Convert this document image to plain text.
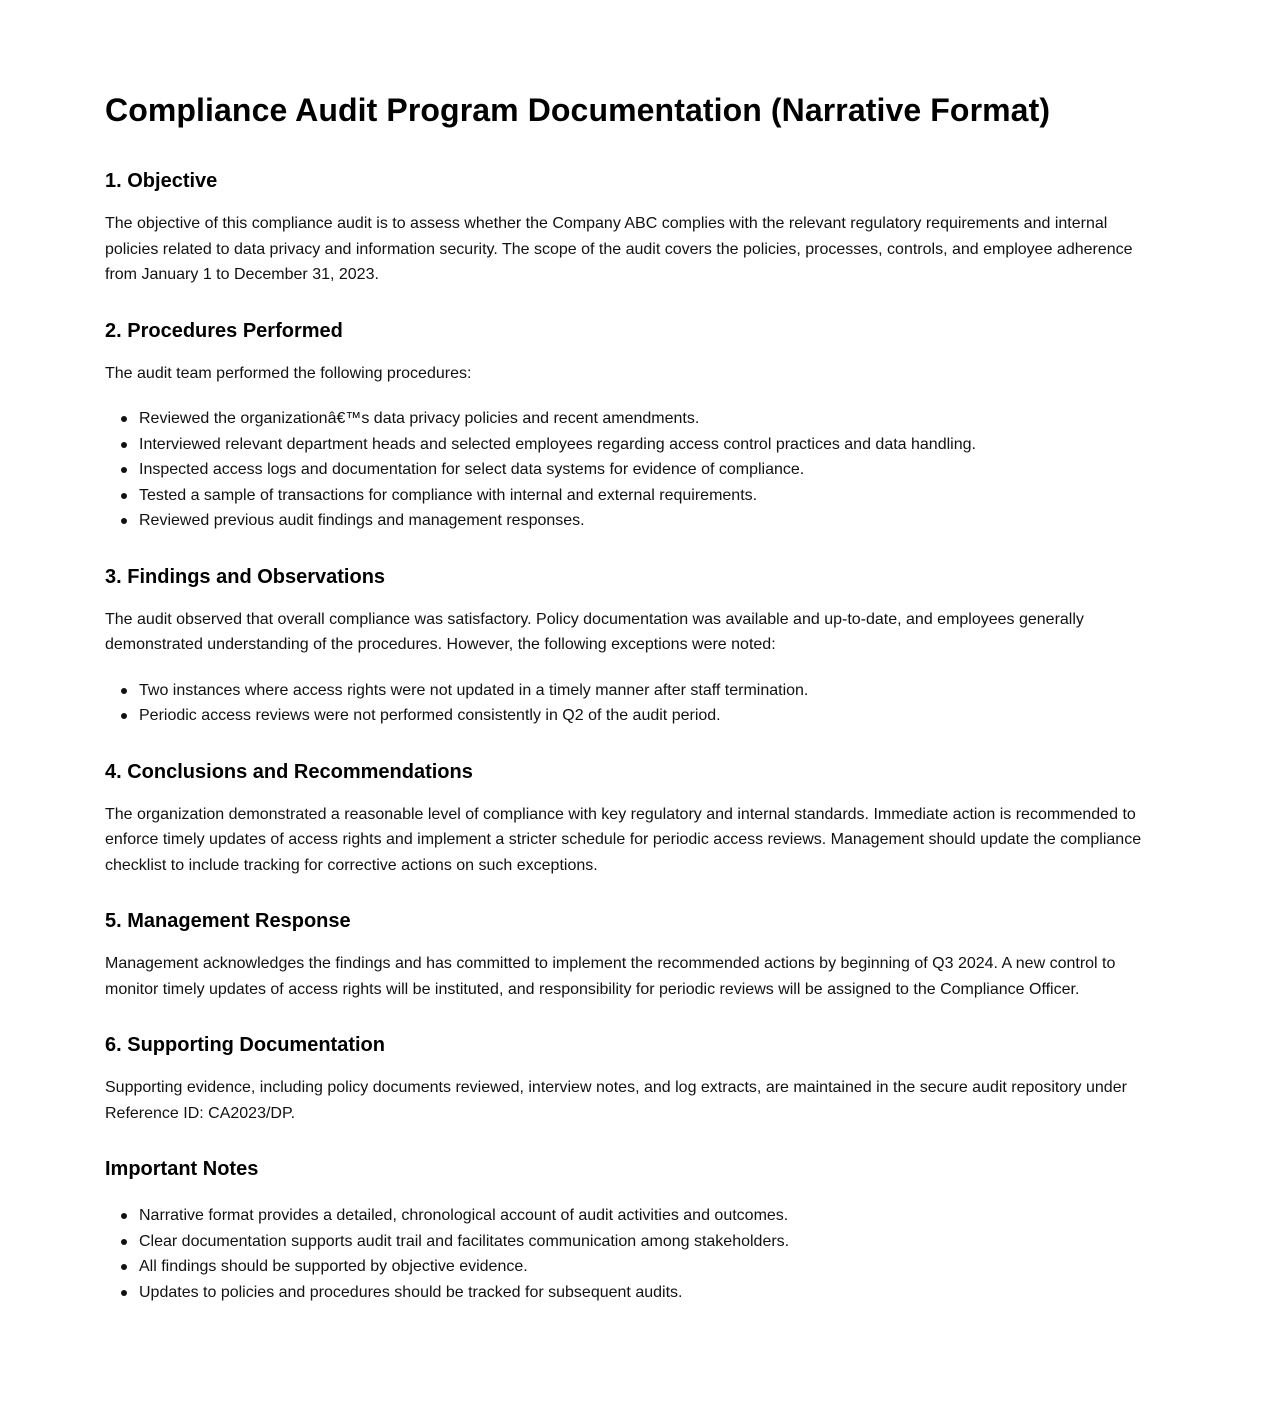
Compliance Audit Program Documentation (Narrative Format)
1. Objective

The objective of this compliance audit is to assess whether the Company ABC complies with the relevant regulatory requirements and internal policies related to data privacy and information security. The scope of the audit covers the policies, processes, controls, and employee adherence from January 1 to December 31, 2023.

2. Procedures Performed

The audit team performed the following procedures:

Reviewed the organizationâ€™s data privacy policies and recent amendments.
Interviewed relevant department heads and selected employees regarding access control practices and data handling.
Inspected access logs and documentation for select data systems for evidence of compliance.
Tested a sample of transactions for compliance with internal and external requirements.
Reviewed previous audit findings and management responses.
3. Findings and Observations

The audit observed that overall compliance was satisfactory. Policy documentation was available and up-to-date, and employees generally demonstrated understanding of the procedures. However, the following exceptions were noted:

Two instances where access rights were not updated in a timely manner after staff termination.
Periodic access reviews were not performed consistently in Q2 of the audit period.
4. Conclusions and Recommendations

The organization demonstrated a reasonable level of compliance with key regulatory and internal standards. Immediate action is recommended to enforce timely updates of access rights and implement a stricter schedule for periodic access reviews. Management should update the compliance checklist to include tracking for corrective actions on such exceptions.

5. Management Response

Management acknowledges the findings and has committed to implement the recommended actions by beginning of Q3 2024. A new control to monitor timely updates of access rights will be instituted, and responsibility for periodic reviews will be assigned to the Compliance Officer.

6. Supporting Documentation

Supporting evidence, including policy documents reviewed, interview notes, and log extracts, are maintained in the secure audit repository under Reference ID: CA2023/DP.

Important Notes
Narrative format provides a detailed, chronological account of audit activities and outcomes.
Clear documentation supports audit trail and facilitates communication among stakeholders.
All findings should be supported by objective evidence.
Updates to policies and procedures should be tracked for subsequent audits.
